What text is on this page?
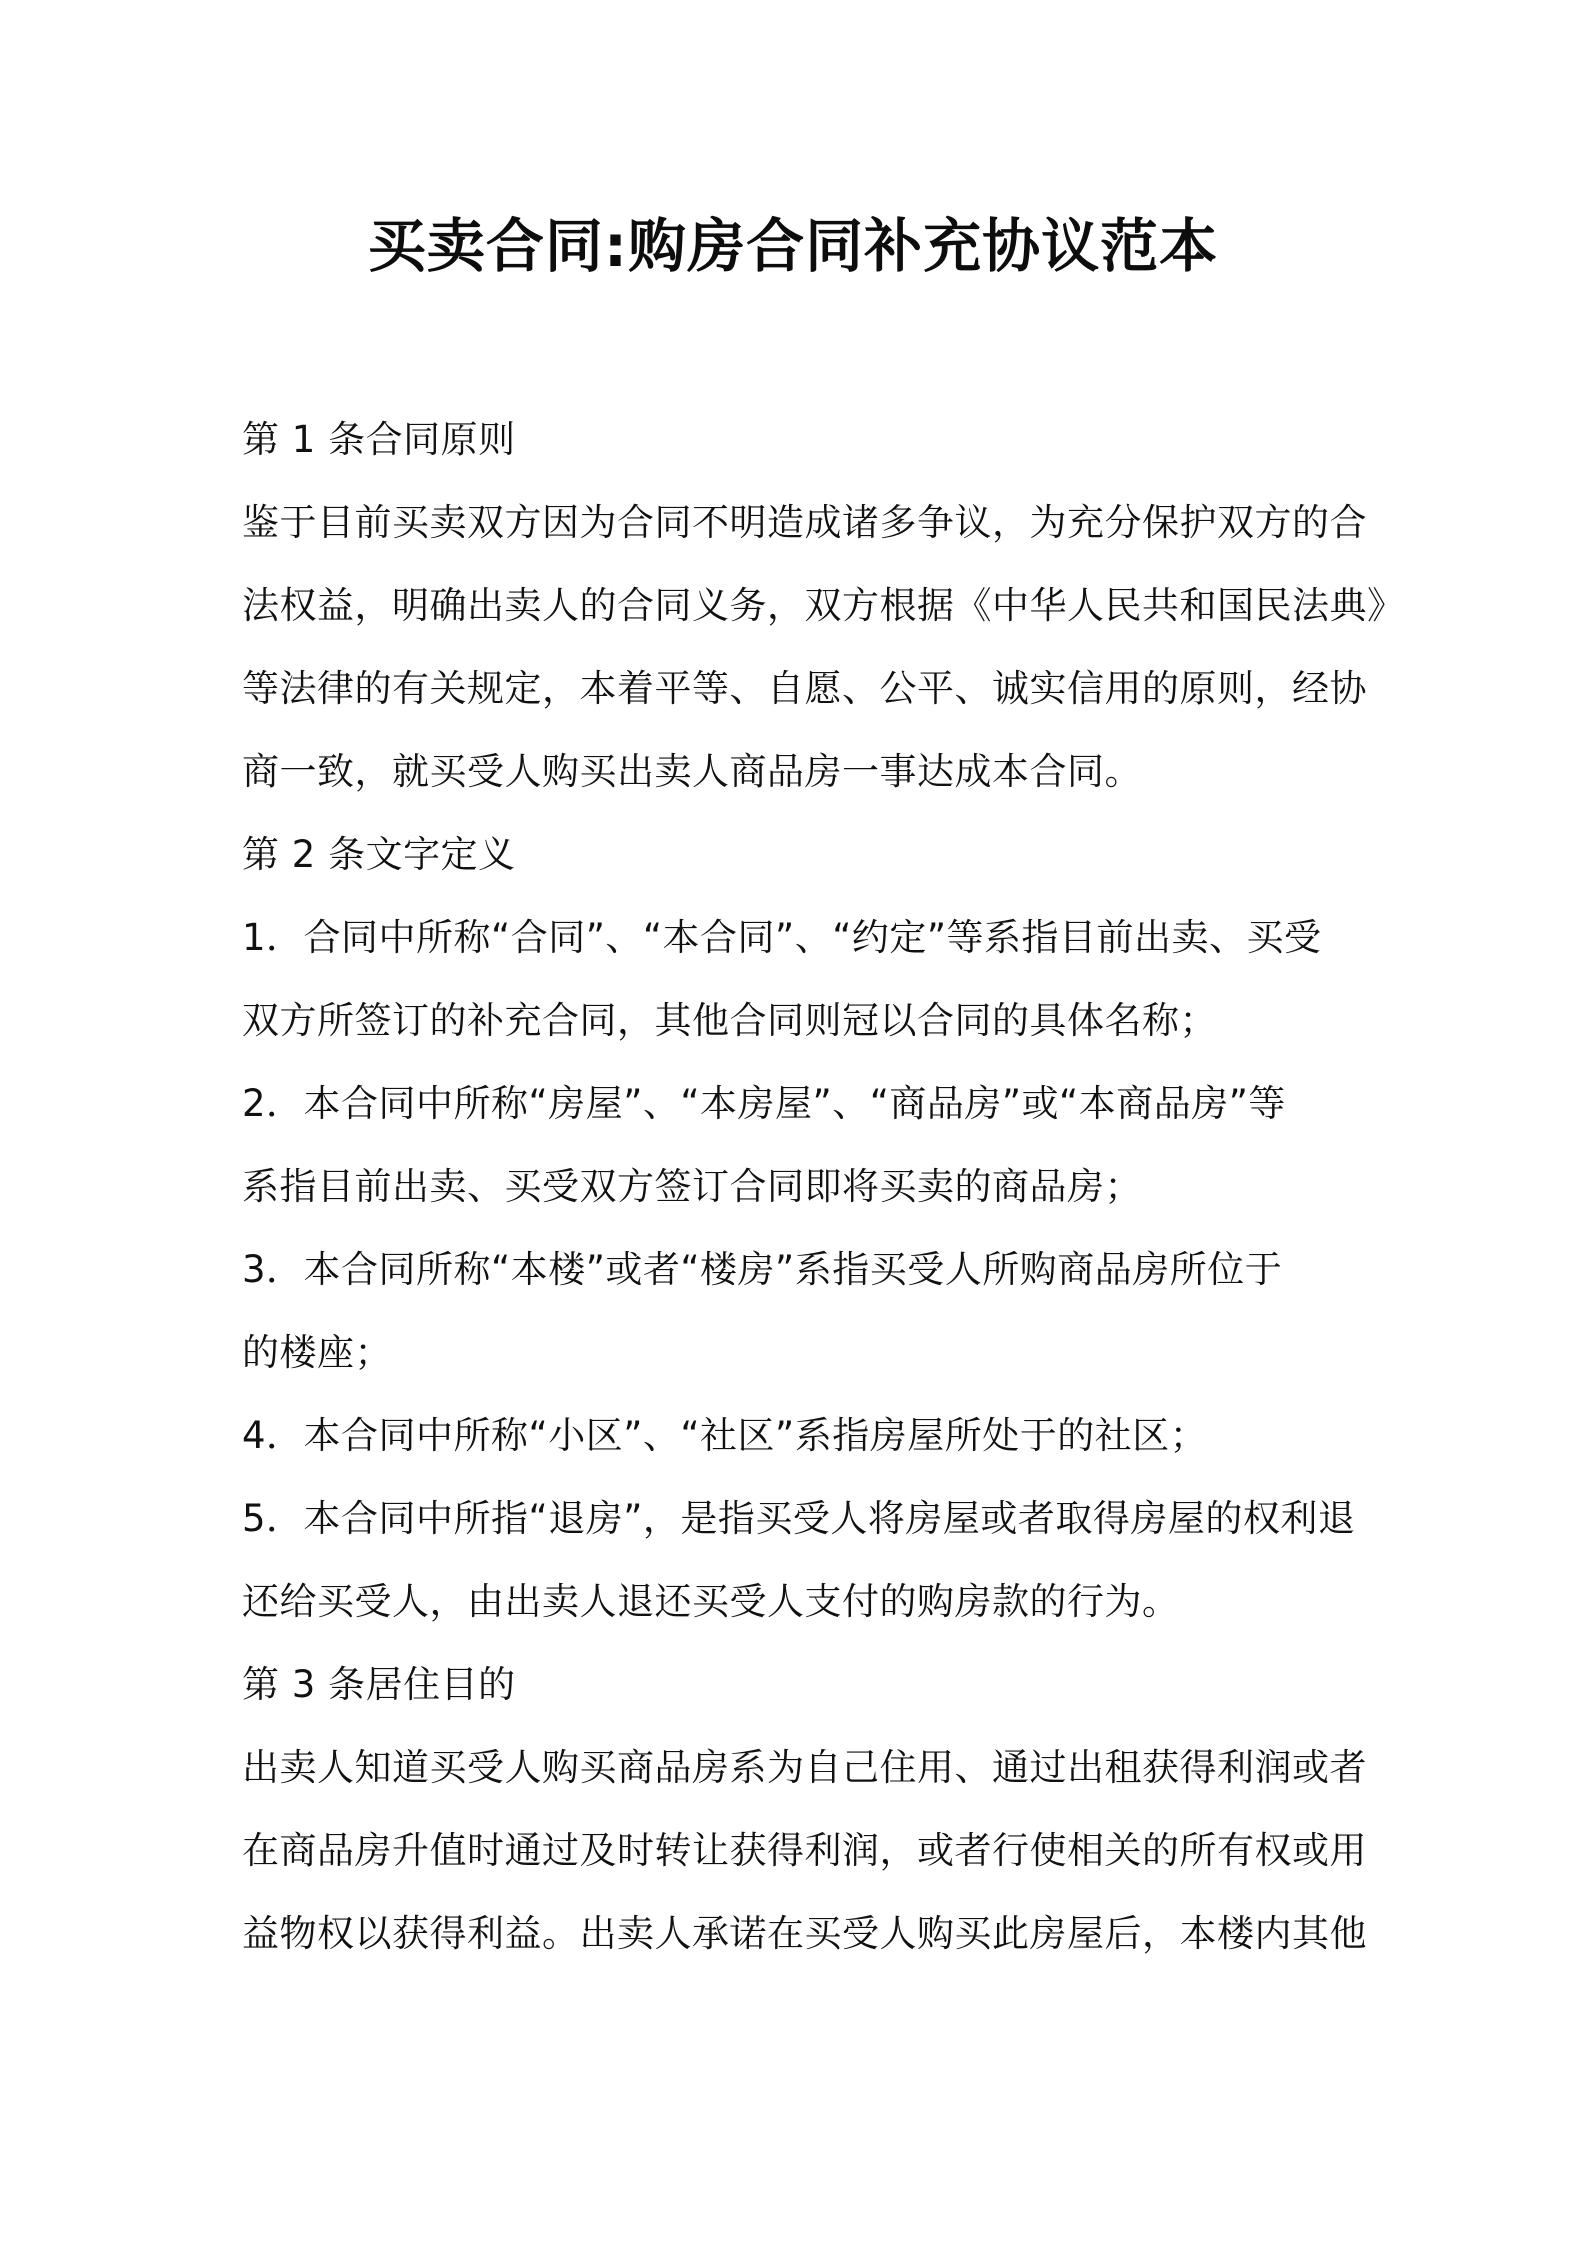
买卖合同:购房合同补充协议范本
第 1 条合同原则
鉴于目前买卖双方因为合同不明造成诸多争议，为充分保护双方的合
法权益，明确出卖人的合同义务，双方根据《中华人民共和国民法典》
等法律的有关规定，本着平等、自愿、公平、诚实信用的原则，经协
商一致，就买受人购买出卖人商品房一事达成本合同。
第 2 条文字定义
1．合同中所称“合同”、“本合同”、“约定”等系指目前出卖、买受
双方所签订的补充合同，其他合同则冠以合同的具体名称；
2．本合同中所称“房屋”、“本房屋”、“商品房”或“本商品房”等
系指目前出卖、买受双方签订合同即将买卖的商品房；
3．本合同所称“本楼”或者“楼房”系指买受人所购商品房所位于
的楼座；
4．本合同中所称“小区”、“社区”系指房屋所处于的社区；
5．本合同中所指“退房”，是指买受人将房屋或者取得房屋的权利退
还给买受人，由出卖人退还买受人支付的购房款的行为。
第 3 条居住目的
出卖人知道买受人购买商品房系为自己住用、通过出租获得利润或者
在商品房升值时通过及时转让获得利润，或者行使相关的所有权或用
益物权以获得利益。出卖人承诺在买受人购买此房屋后，本楼内其他
